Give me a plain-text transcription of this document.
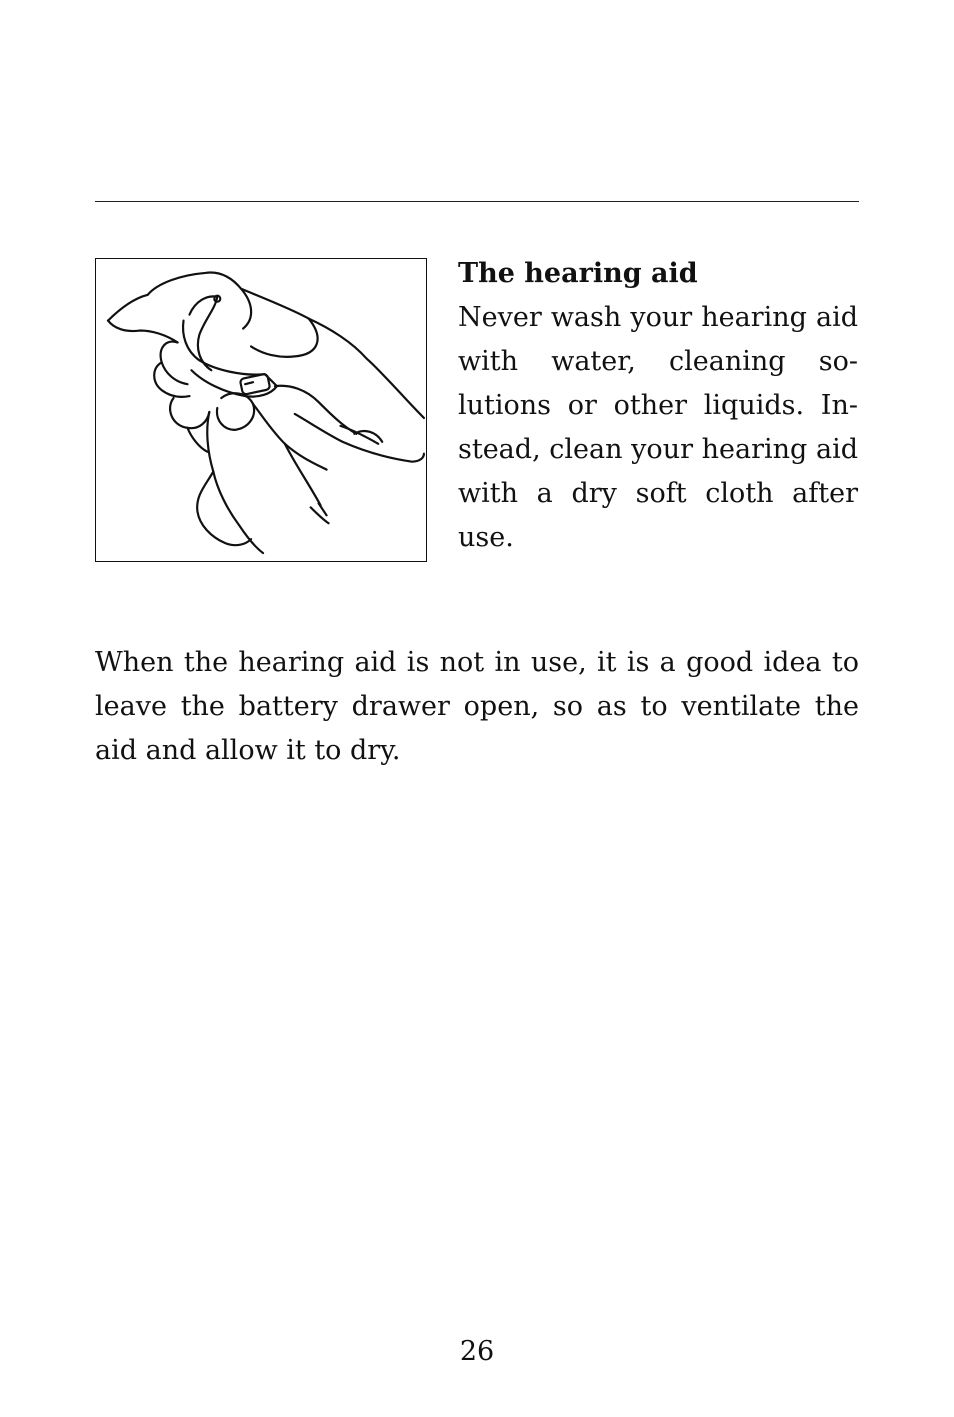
The hearing aid

Never wash your hearing aid with water, cleaning solutions or other liquids. Instead, clean your hearing aid with a dry soft cloth after use.

When the hearing aid is not in use, it is a good idea to leave the battery drawer open, so as to ventilate the aid and allow it to dry.

26
